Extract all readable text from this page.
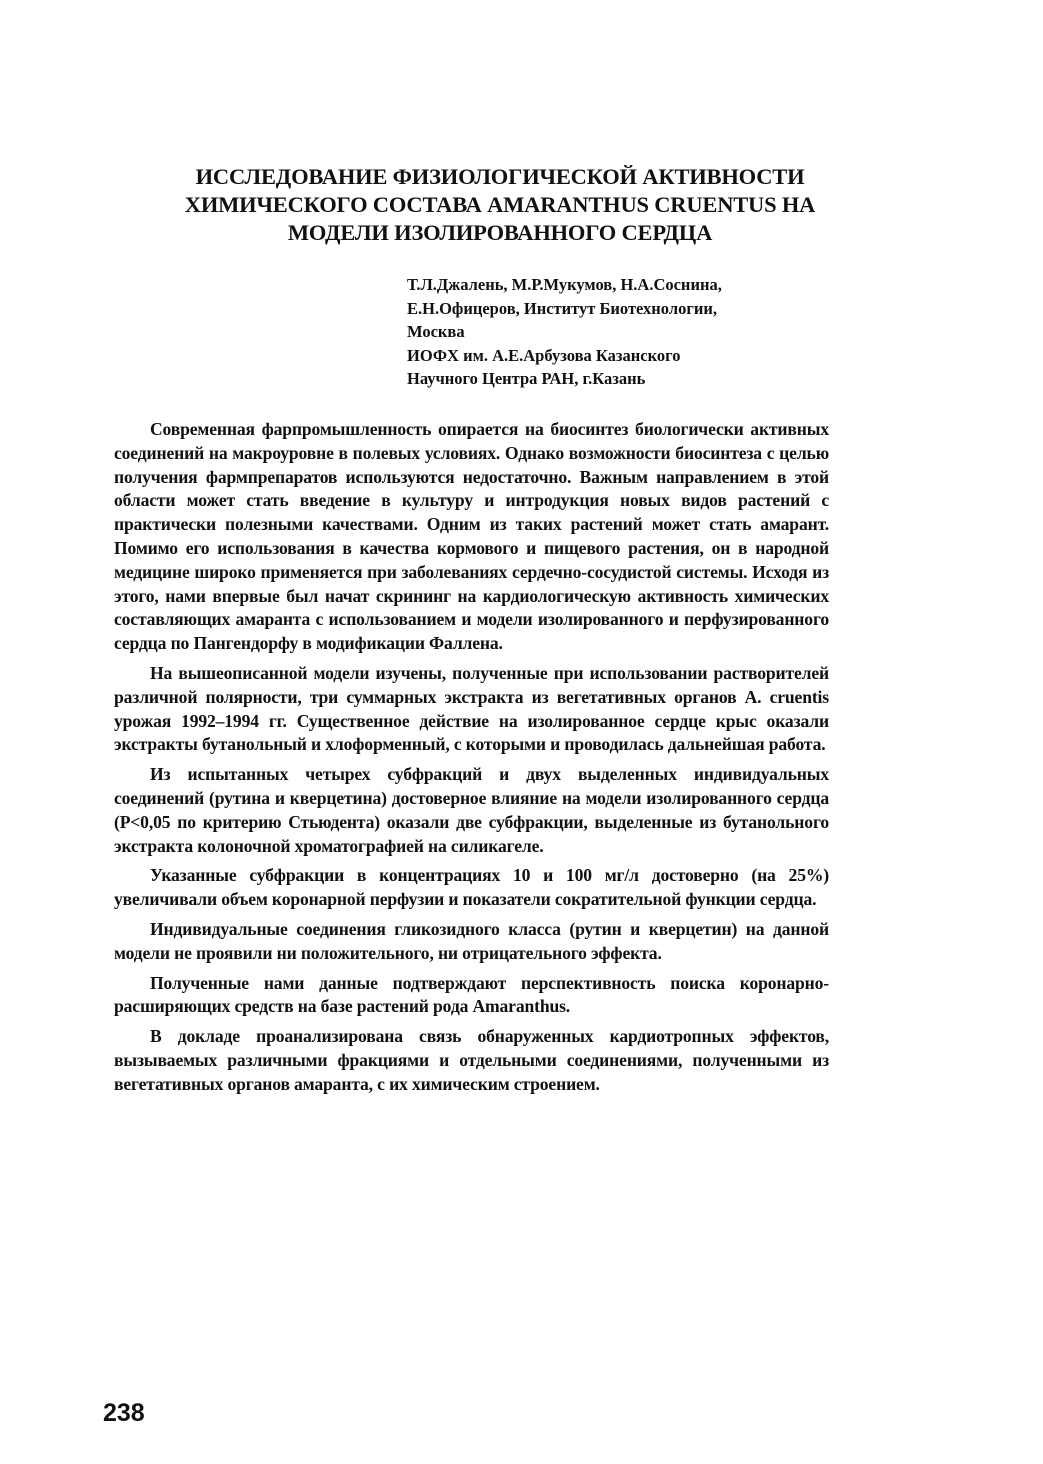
ИССЛЕДОВАНИЕ ФИЗИОЛОГИЧЕСКОЙ АКТИВНОСТИ
ХИМИЧЕСКОГО СОСТАВА AMARANTHUS CRUENTUS НА
МОДЕЛИ ИЗОЛИРОВАННОГО СЕРДЦА
Т.Л.Джалень, М.Р.Мукумов, Н.А.Соснина,
Е.Н.Офицеров, Институт Биотехнологии,
Москва
ИОФХ им. А.Е.Арбузова Казанского
Научного Центра РАН, г.Казань

Современная фарпромышленность опирается на биосинтез биологически активных соединений на макроуровне в полевых условиях. Однако возможности биосинтеза с целью получения фармпрепаратов используются недостаточно. Важным направлением в этой области может стать введение в культуру и интродукция новых видов растений с практически полезными качествами. Одним из таких растений может стать амарант. Помимо его использования в качества кормового и пищевого растения, он в народной медицине широко применяется при заболеваниях сердечно-сосудистой системы. Исходя из этого, нами впервые был начат скрининг на кардиологическую активность химических составляющих амаранта с использованием и модели изолированного и перфузированного сердца по Пангендорфу в модификации Фаллена.

На вышеописанной модели изучены, полученные при использовании растворителей различной полярности, три суммарных экстракта из вегетативных органов A. cruentis урожая 1992–1994 гг. Существенное действие на изолированное сердце крыс оказали экстракты бутанольный и хлоформенный, с которыми и проводилась дальнейшая работа.

Из испытанных четырех субфракций и двух выделенных индивидуальных соединений (рутина и кверцетина) достоверное влияние на модели изолированного сердца (P<0,05 по критерию Стьюдента) оказали две субфракции, выделенные из бутанольного экстракта колоночной хроматографией на силикагеле.

Указанные субфракции в концентрациях 10 и 100 мг/л достоверно (на 25%) увеличивали объем коронарной перфузии и показатели сократительной функции сердца.

Индивидуальные соединения гликозидного класса (рутин и кверцетин) на данной модели не проявили ни положительного, ни отрицательного эффекта.

Полученные нами данные подтверждают перспективность поиска коронарно-расширяющих средств на базе растений рода Amaranthus.

В докладе проанализирована связь обнаруженных кардиотропных эффектов, вызываемых различными фракциями и отдельными соединениями, полученными из вегетативных органов амаранта, с их химическим строением.

238
